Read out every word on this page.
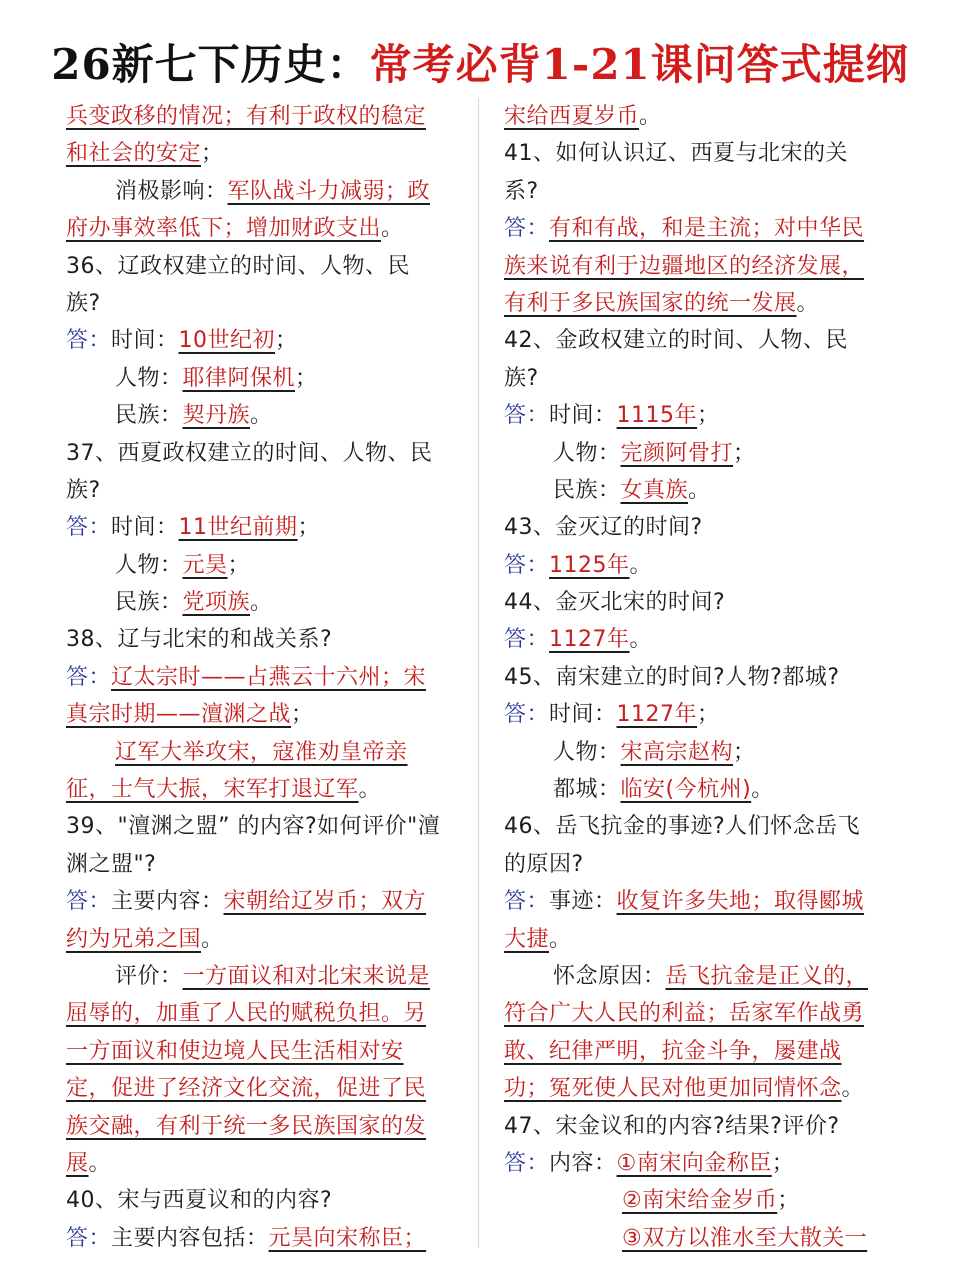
26新七下历史：常考必背1-21课问答式提纲
兵变政移的情况；有利于政权的稳定
和社会的安定；
消极影响：军队战斗力减弱；政
府办事效率低下；增加财政支出。
36、辽政权建立的时间、人物、民
族?
答：时间：10世纪初；
人物：耶律阿保机；
民族：契丹族。
37、西夏政权建立的时间、人物、民
族?
答：时间：11世纪前期；
人物：元昊；
民族：党项族。
38、辽与北宋的和战关系?
答：辽太宗时——占燕云十六州；宋
真宗时期——澶渊之战；
辽军大举攻宋，寇准劝皇帝亲
征，士气大振，宋军打退辽军。
39、"澶渊之盟” 的内容?如何评价"澶
渊之盟"?
答：主要内容：宋朝给辽岁币；双方
约为兄弟之国。
评价：一方面议和对北宋来说是
屈辱的，加重了人民的赋税负担。另
一方面议和使边境人民生活相对安
定，促进了经济文化交流，促进了民
族交融，有利于统一多民族国家的发
展。
40、宋与西夏议和的内容?
答：主要内容包括：元昊向宋称臣；
宋给西夏岁币。
41、如何认识辽、西夏与北宋的关
系?
答：有和有战，和是主流；对中华民
族来说有利于边疆地区的经济发展，
有利于多民族国家的统一发展。
42、金政权建立的时间、人物、民
族?
答：时间：1115年；
人物：完颜阿骨打；
民族：女真族。
43、金灭辽的时间?
答：1125年。
44、金灭北宋的时间?
答：1127年。
45、南宋建立的时间?人物?都城?
答：时间：1127年；
人物：宋高宗赵构；
都城：临安(今杭州)。
46、岳飞抗金的事迹?人们怀念岳飞
的原因?
答：事迹：收复许多失地；取得郾城
大捷。
怀念原因：岳飞抗金是正义的，
符合广大人民的利益；岳家军作战勇
敢、纪律严明，抗金斗争，屡建战
功；冤死使人民对他更加同情怀念。
47、宋金议和的内容?结果?评价?
答：内容：①南宋向金称臣；
②南宋给金岁币；
③双方以淮水至大散关一
